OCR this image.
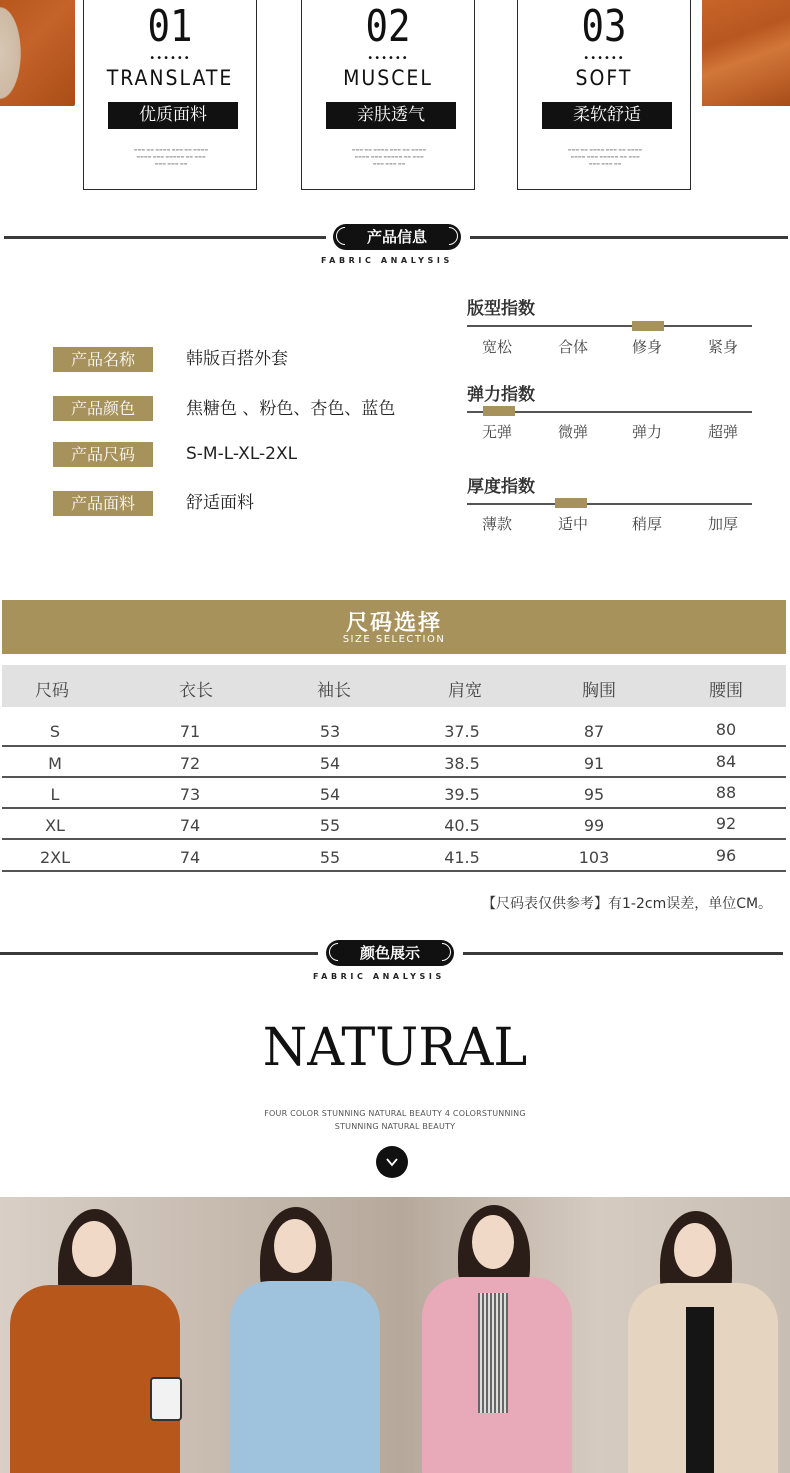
01
••••••
TRANSLATE
优质面料
▬▬▬ ▬▬ ▬▬▬▬ ▬▬▬ ▬▬ ▬▬▬▬
▬▬▬▬ ▬▬▬ ▬▬▬▬▬ ▬▬ ▬▬▬
▬▬▬ ▬▬▬ ▬▬
02
••••••
MUSCEL
亲肤透气
▬▬▬ ▬▬ ▬▬▬▬ ▬▬▬ ▬▬ ▬▬▬▬
▬▬▬▬ ▬▬▬ ▬▬▬▬▬ ▬▬ ▬▬▬
▬▬▬ ▬▬▬ ▬▬
03
••••••
SOFT
柔软舒适
▬▬▬ ▬▬ ▬▬▬▬ ▬▬▬ ▬▬ ▬▬▬▬
▬▬▬▬ ▬▬▬ ▬▬▬▬▬ ▬▬ ▬▬▬
▬▬▬ ▬▬▬ ▬▬
产品信息
FABRIC ANALYSIS
产品名称	韩版百搭外套
产品颜色	焦糖色 、粉色、杏色、蓝色
产品尺码	S-M-L-XL-2XL
产品面料	舒适面料
版型指数
宽松	合体	修身	紧身
弹力指数
无弹	微弹	弹力	超弹
厚度指数
薄款	适中	稍厚	加厚
尺码选择
SIZE SELECTION
尺码	衣长	袖长	肩宽	胸围	腰围
S	71	53	37.5	87	80
M	72	54	38.5	91	84
L	73	54	39.5	95	88
XL	74	55	40.5	99	92
2XL	74	55	41.5	103	96
【尺码表仅供参考】有1-2cm误差，单位CM。
颜色展示
FABRIC ANALYSIS
NATURAL
FOUR COLOR STUNNING NATURAL BEAUTY 4 COLORSTUNNING
STUNNING NATURAL BEAUTY
